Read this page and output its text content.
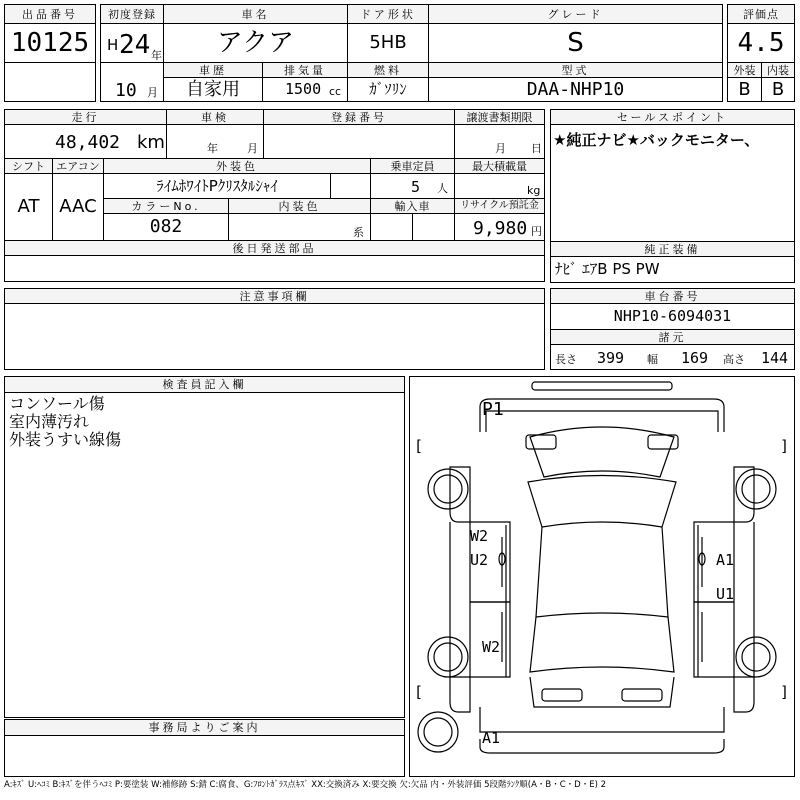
出品番号
10125
初度登録
H 24 年
10 月
車名
アクア
ドア形状
5HB
グレード
S
評価点
4.5
車歴
自家用
排気量
1500 cc
燃料
ｶﾞｿﾘﾝ
型式
DAA-NHP10
外装
B
内装
B
走行
48,402 km
車検
年	月
登録番号	譲渡書類期限
月 日
セールスポイント
★純正ナビ★バックモニター、
シフト
AT
エアコン
AAC
外装色
ﾗｲﾑﾎﾜｲﾄPｸﾘｽﾀﾙｼｬｲ
乗車定員
5 人
最大積載量
kg
カラーNo.
082
内装色
系
輸入車	リサイクル預託金
9,980 円
後日発送部品	純正装備
ﾅﾋﾞ ｴｱB PS PW
注意事項欄	車台番号
NHP10-6094031
諸元
長さ 399 幅 169 高さ 144
検査員記入欄
コンソール傷
室内薄汚れ
外装うすい線傷
事務局よりご案内
P1
W2
U2	A1
U1
W2
A1
[	]
[	]
A:ｷｽﾞ U:ﾍｺﾐ B:ｷｽﾞを伴うﾍｺﾐ P:要塗装 W:補修跡 S:錆 C:腐食、G:ﾌﾛﾝﾄｶﾞﾗｽ点ｷｽﾞ XX:交換済み X:要交換 欠:欠品 内・外装評価 5段階ﾗﾝｸ順(A・B・C・D・E) 2
